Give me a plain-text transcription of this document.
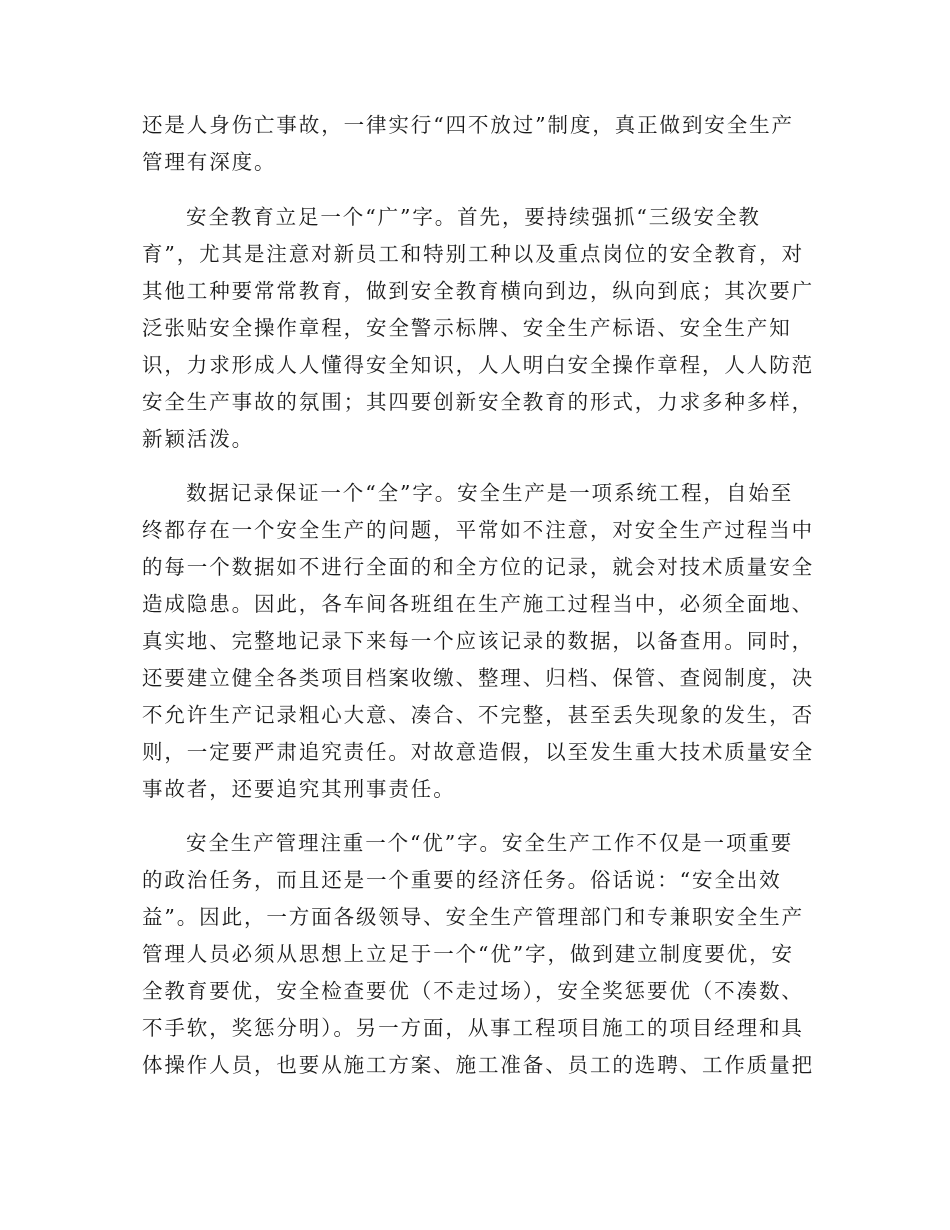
还是人身伤亡事故，一律实行“四不放过”制度，真正做到安全生产
管理有深度。
安全教育立足一个“广”字。首先，要持续强抓“三级安全教
育”，尤其是注意对新员工和特别工种以及重点岗位的安全教育，对
其他工种要常常教育，做到安全教育横向到边，纵向到底；其次要广
泛张贴安全操作章程，安全警示标牌、安全生产标语、安全生产知
识，力求形成人人懂得安全知识，人人明白安全操作章程，人人防范
安全生产事故的氛围；其四要创新安全教育的形式，力求多种多样，
新颖活泼。
数据记录保证一个“全”字。安全生产是一项系统工程，自始至
终都存在一个安全生产的问题，平常如不注意，对安全生产过程当中
的每一个数据如不进行全面的和全方位的记录，就会对技术质量安全
造成隐患。因此，各车间各班组在生产施工过程当中，必须全面地、
真实地、完整地记录下来每一个应该记录的数据，以备查用。同时，
还要建立健全各类项目档案收缴、整理、归档、保管、查阅制度，决
不允许生产记录粗心大意、凑合、不完整，甚至丢失现象的发生，否
则，一定要严肃追究责任。对故意造假，以至发生重大技术质量安全
事故者，还要追究其刑事责任。
安全生产管理注重一个“优”字。安全生产工作不仅是一项重要
的政治任务，而且还是一个重要的经济任务。俗话说：“安全出效
益”。因此，一方面各级领导、安全生产管理部门和专兼职安全生产
管理人员必须从思想上立足于一个“优”字，做到建立制度要优，安
全教育要优，安全检查要优（不走过场），安全奖惩要优（不凑数、
不手软，奖惩分明）。另一方面，从事工程项目施工的项目经理和具
体操作人员，也要从施工方案、施工准备、员工的选聘、工作质量把
